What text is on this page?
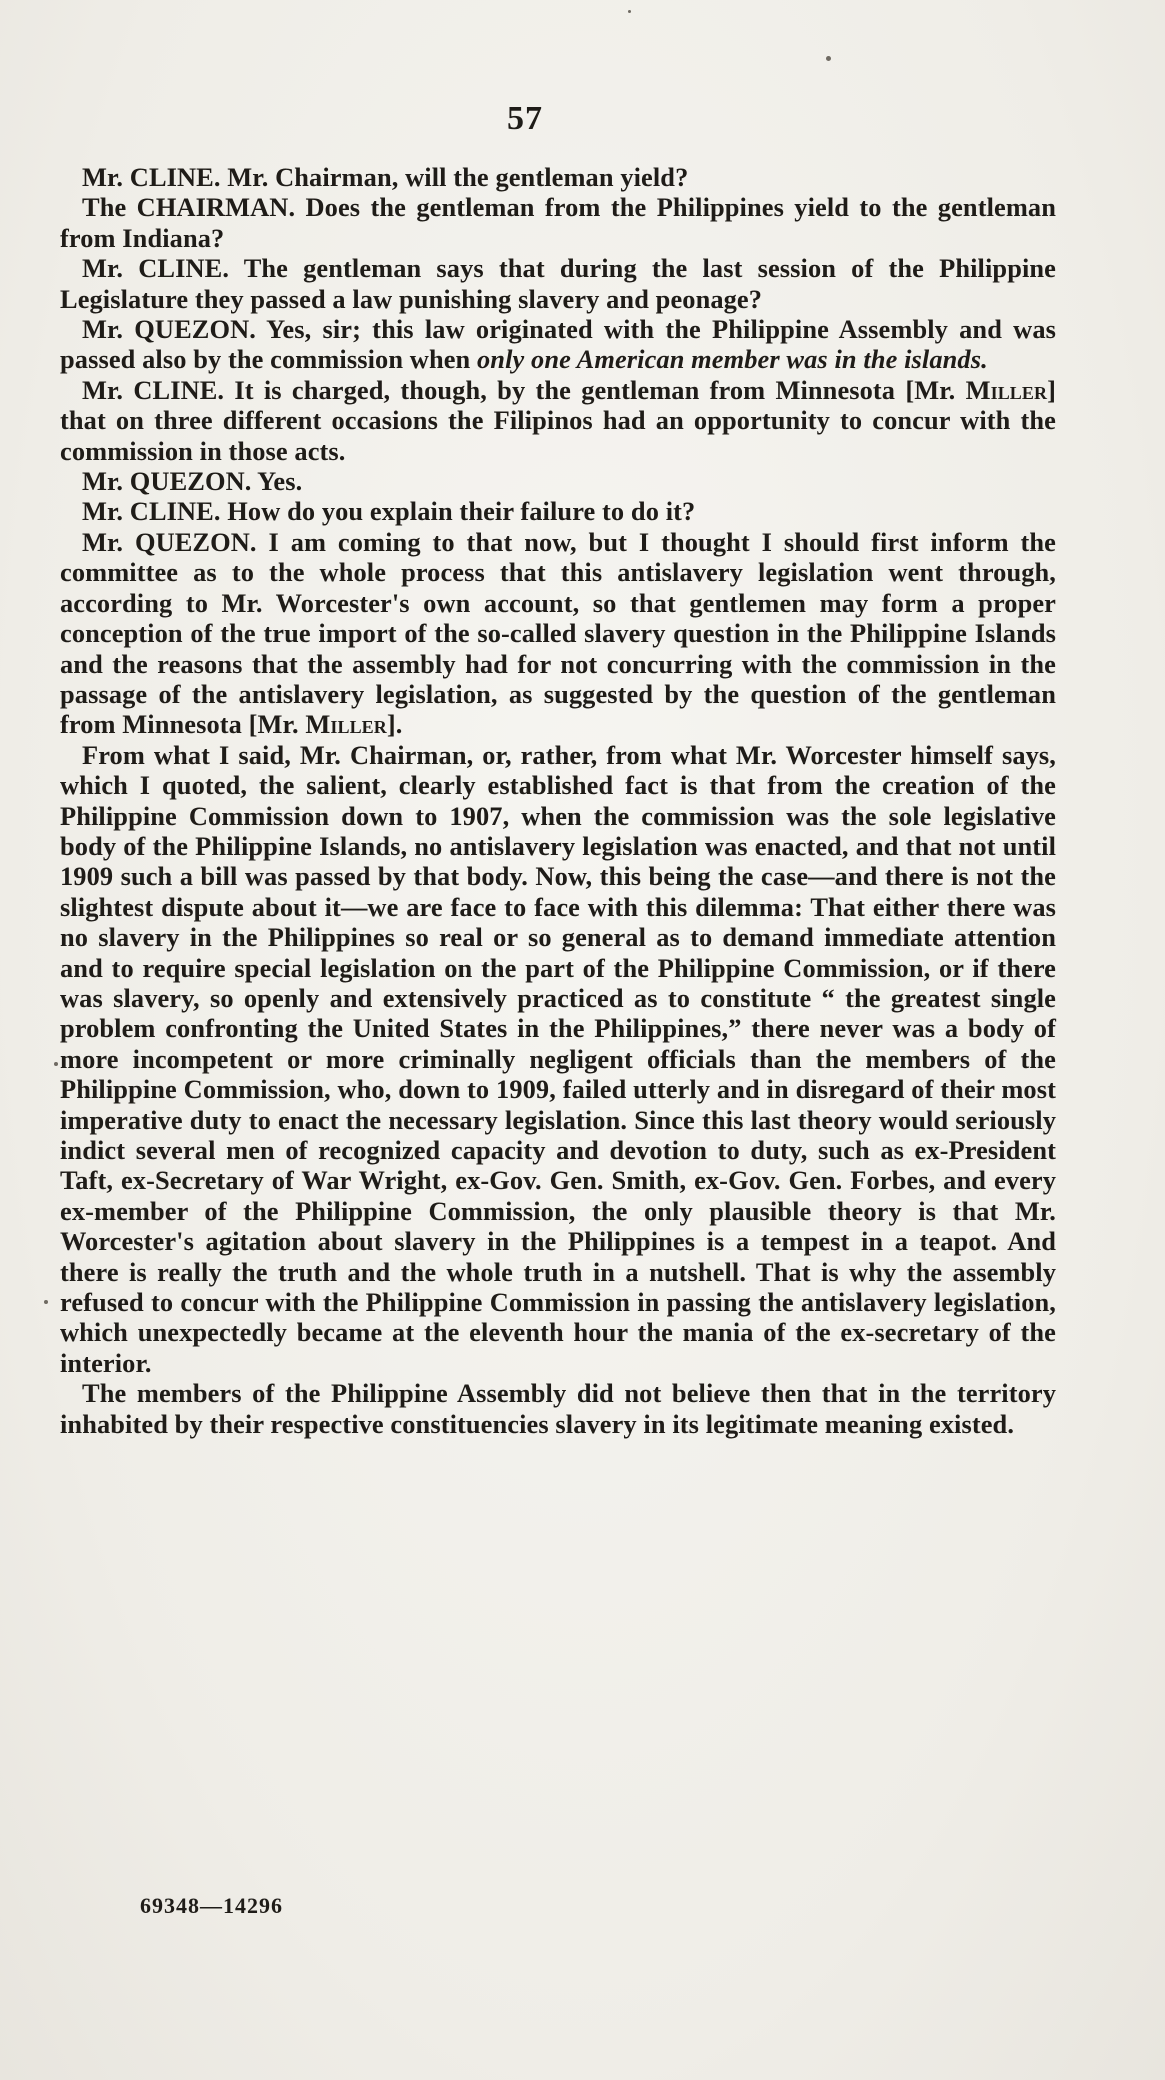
57

Mr. CLINE. Mr. Chairman, will the gentleman yield?

The CHAIRMAN. Does the gentleman from the Philippines yield to the gentleman from Indiana?

Mr. CLINE. The gentleman says that during the last session of the Philippine Legislature they passed a law punishing slavery and peonage?

Mr. QUEZON. Yes, sir; this law originated with the Philippine Assembly and was passed also by the commission when only one American member was in the islands.

Mr. CLINE. It is charged, though, by the gentleman from Minnesota [Mr. Miller] that on three different occasions the Filipinos had an opportunity to concur with the commission in those acts.

Mr. QUEZON. Yes.

Mr. CLINE. How do you explain their failure to do it?

Mr. QUEZON. I am coming to that now, but I thought I should first inform the committee as to the whole process that this antislavery legislation went through, according to Mr. Worcester's own account, so that gentlemen may form a proper conception of the true import of the so-called slavery question in the Philippine Islands and the reasons that the assembly had for not concurring with the commission in the passage of the antislavery legislation, as suggested by the question of the gentleman from Minnesota [Mr. Miller].

From what I said, Mr. Chairman, or, rather, from what Mr. Worcester himself says, which I quoted, the salient, clearly established fact is that from the creation of the Philippine Commission down to 1907, when the commission was the sole legislative body of the Philippine Islands, no antislavery legislation was enacted, and that not until 1909 such a bill was passed by that body. Now, this being the case—and there is not the slightest dispute about it—we are face to face with this dilemma: That either there was no slavery in the Philippines so real or so general as to demand immediate attention and to require special legislation on the part of the Philippine Commission, or if there was slavery, so openly and extensively practiced as to constitute “ the greatest single problem confronting the United States in the Philippines,” there never was a body of more incompetent or more criminally negligent officials than the members of the Philippine Commission, who, down to 1909, failed utterly and in disregard of their most imperative duty to enact the necessary legislation. Since this last theory would seriously indict several men of recognized capacity and devotion to duty, such as ex-President Taft, ex-Secretary of War Wright, ex-Gov. Gen. Smith, ex-Gov. Gen. Forbes, and every ex-member of the Philippine Commission, the only plausible theory is that Mr. Worcester's agitation about slavery in the Philippines is a tempest in a teapot. And there is really the truth and the whole truth in a nutshell. That is why the assembly refused to concur with the Philippine Commission in passing the antislavery legislation, which unexpectedly became at the eleventh hour the mania of the ex-secretary of the interior.

The members of the Philippine Assembly did not believe then that in the territory inhabited by their respective constituencies slavery in its legitimate meaning existed.

69348—14296
